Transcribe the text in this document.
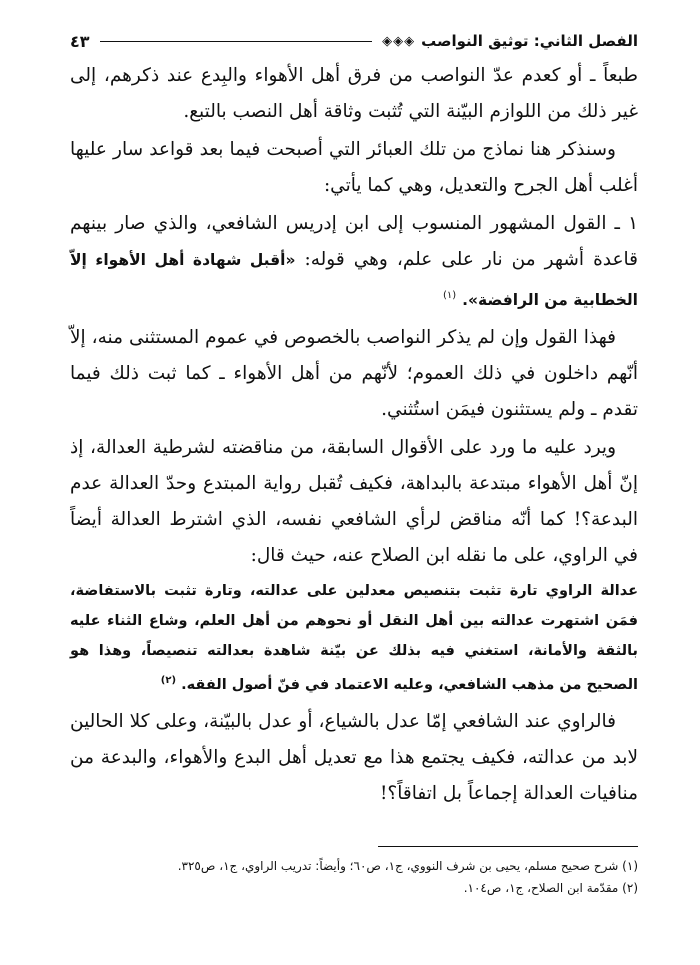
الفصل الثاني: توثيق النواصب
◈◈◈
٤٣

طبعاً ـ أو كعدم عدّ النواصب من فرق أهل الأهواء والبِدع عند ذكرهم، إلى غير ذلك من اللوازم البيّنة التي تُثبت وثاقة أهل النصب بالتبع.

وسنذكر هنا نماذج من تلك العبائر التي أصبحت فيما بعد قواعد سار عليها أغلب أهل الجرح والتعديل، وهي كما يأتي:

١ ـ القول المشهور المنسوب إلى ابن إدريس الشافعي، والذي صار بينهم قاعدة أشهر من نار على علم، وهي قوله: «أقبل شهادة أهل الأهواء إلاّ الخطابية من الرافضة». $^{(١)}$

فهذا القول وإن لم يذكر النواصب بالخصوص في عموم المستثنى منه، إلاّ أنّهم داخلون في ذلك العموم؛ لأنّهم من أهل الأهواء ـ كما ثبت ذلك فيما تقدم ـ ولم يستثنون فيمَن استُثني.

ويرد عليه ما ورد على الأقوال السابقة، من مناقضته لشرطية العدالة، إذ إنّ أهل الأهواء مبتدعة بالبداهة، فكيف تُقبل رواية المبتدع وحدّ العدالة عدم البدعة؟! كما أنّه مناقض لرأي الشافعي نفسه، الذي اشترط العدالة أيضاً في الراوي، على ما نقله ابن الصلاح عنه، حيث قال:

عدالة الراوي تارة تثبت بتنصيص معدلين على عدالته، وتارة تثبت بالاستفاضة، فمَن اشتهرت عدالته بين أهل النقل أو نحوهم من أهل العلم، وشاع الثناء عليه بالثقة والأمانة، استغني فيه بذلك عن بيّنة شاهدة بعدالته تنصيصاً، وهذا هو الصحيح من مذهب الشافعي، وعليه الاعتماد في فنّ أصول الفقه. $^{(٢)}$

فالراوي عند الشافعي إمّا عدل بالشياع، أو عدل بالبيّنة، وعلى كلا الحالين لابد من عدالته، فكيف يجتمع هذا مع تعديل أهل البدع والأهواء، والبدعة من منافيات العدالة إجماعاً بل اتفاقاً؟!

(١) شرح صحيح مسلم، يحيى بن شرف النووي، ج١، ص٦٠؛ وأيضاً: تدريب الراوي، ج١، ص٣٢٥.

(٢) مقدّمة ابن الصلاح، ج١، ص١٠٤.
